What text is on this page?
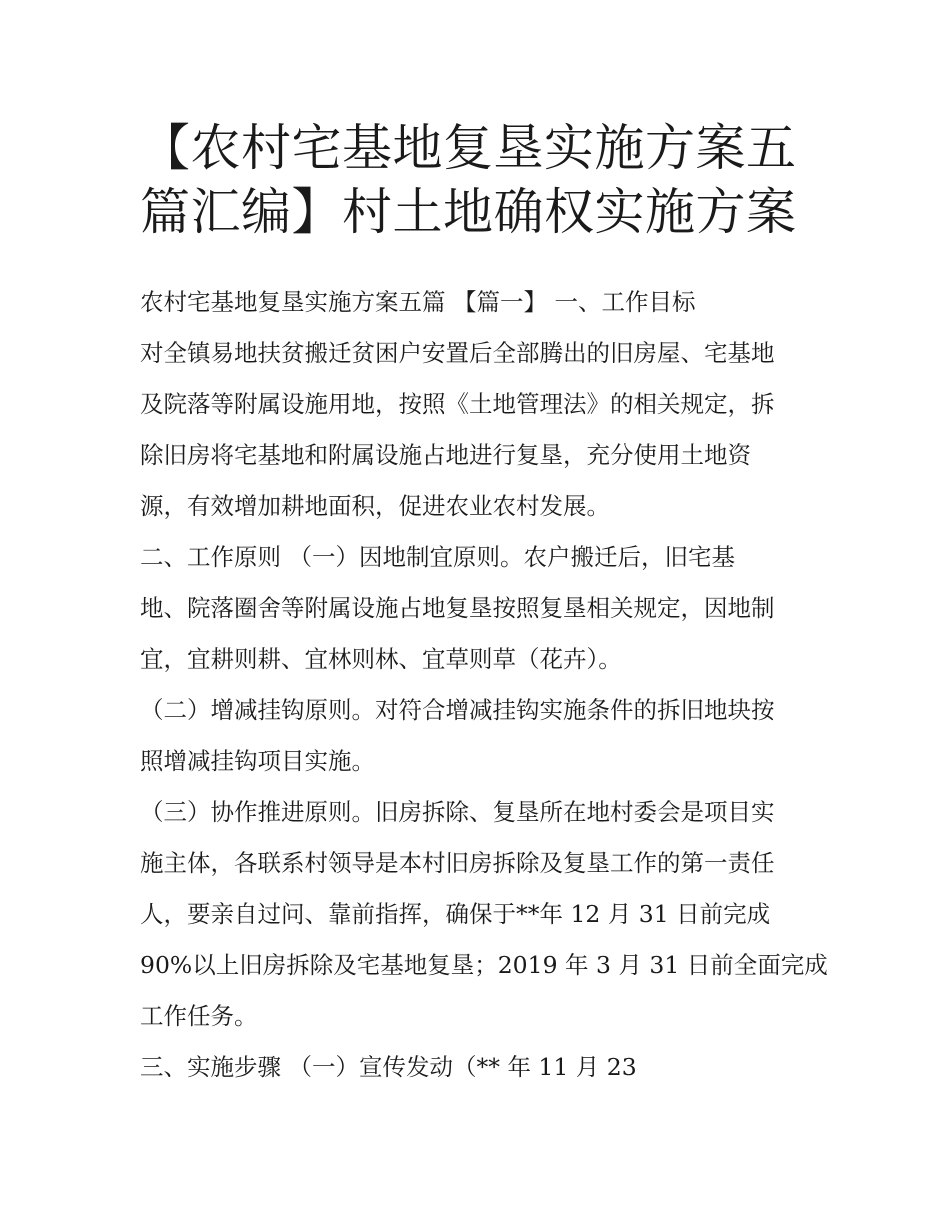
【农村宅基地复垦实施方案五
篇汇编】村土地确权实施方案
农村宅基地复垦实施方案五篇 【篇一】 一、工作目标
对全镇易地扶贫搬迁贫困户安置后全部腾出的旧房屋、宅基地
及院落等附属设施用地，按照《土地管理法》的相关规定，拆
除旧房将宅基地和附属设施占地进行复垦，充分使用土地资
源，有效增加耕地面积，促进农业农村发展。
二、工作原则 （一）因地制宜原则。农户搬迁后，旧宅基
地、院落圈舍等附属设施占地复垦按照复垦相关规定，因地制
宜，宜耕则耕、宜林则林、宜草则草（花卉）。
（二）增减挂钩原则。对符合增减挂钩实施条件的拆旧地块按
照增减挂钩项目实施。
（三）协作推进原则。旧房拆除、复垦所在地村委会是项目实
施主体，各联系村领导是本村旧房拆除及复垦工作的第一责任
人，要亲自过问、靠前指挥，确保于**年 12 月 31 日前完成
90%以上旧房拆除及宅基地复垦；2019 年 3 月 31 日前全面完成
工作任务。
三、实施步骤 （一）宣传发动（** 年 11 月 23
